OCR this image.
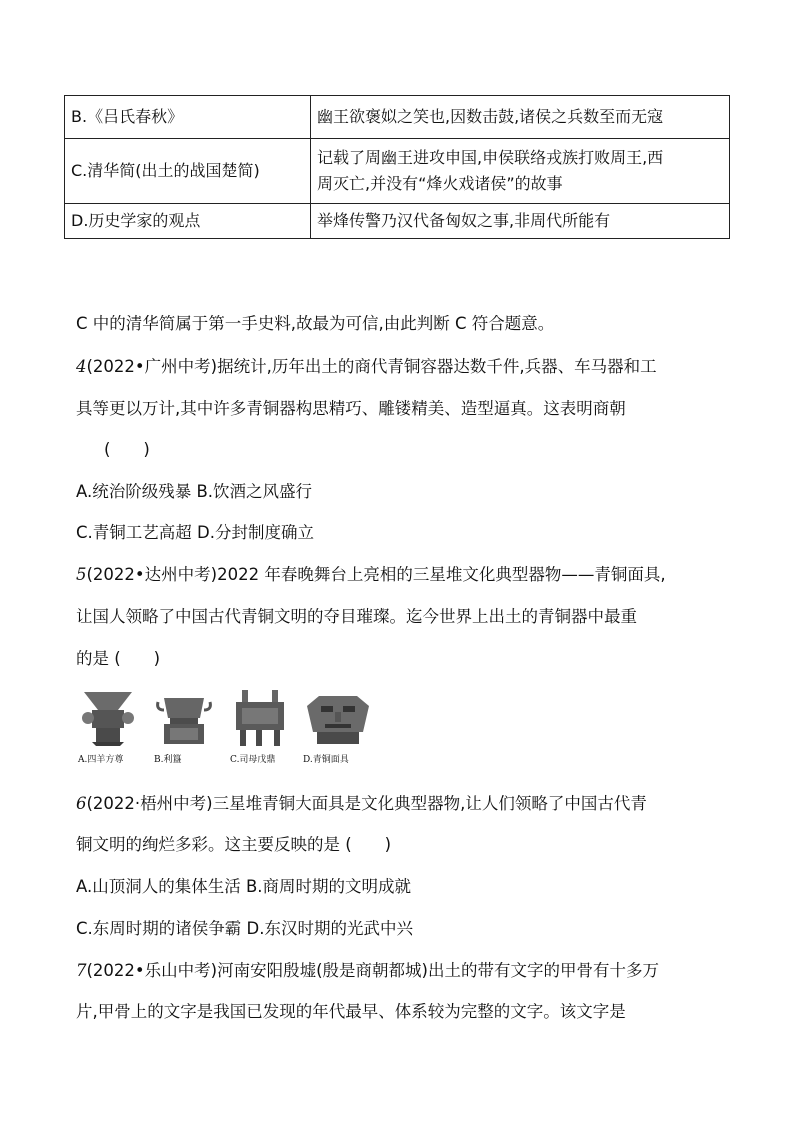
B.《吕氏春秋》	幽王欲褒姒之笑也,因数击鼓,诸侯之兵数至而无寇
C.清华简(出土的战国楚简)	记载了周幽王进攻申国,申侯联络戎族打败周王,西
周灭亡,并没有“烽火戏诸侯”的故事

D.历史学家的观点	举烽传警乃汉代备匈奴之事,非周代所能有
C 中的清华简属于第一手史料,故最为可信,由此判断 C 符合题意。
4(2022•广州中考)据统计,历年出土的商代青铜容器达数千件,兵器、车马器和工
具等更以万计,其中许多青铜器构思精巧、雕镂精美、造型逼真。这表明商朝
(　　)
A.统治阶级残暴 B.饮酒之风盛行
C.青铜工艺高超 D.分封制度确立
5(2022•达州中考)2022 年春晚舞台上亮相的三星堆文化典型器物——青铜面具,
让国人领略了中国古代青铜文明的夺目璀璨。迄今世界上出土的青铜器中最重
的是 (　　)
A.四羊方尊	B.利簋	C.司母戊鼎	D.青铜面具
6(2022·梧州中考)三星堆青铜大面具是文化典型器物,让人们领略了中国古代青
铜文明的绚烂多彩。这主要反映的是 (　　)
A.山顶洞人的集体生活 B.商周时期的文明成就
C.东周时期的诸侯争霸 D.东汉时期的光武中兴
7(2022•乐山中考)河南安阳殷墟(殷是商朝都城)出土的带有文字的甲骨有十多万
片,甲骨上的文字是我国已发现的年代最早、体系较为完整的文字。该文字是
